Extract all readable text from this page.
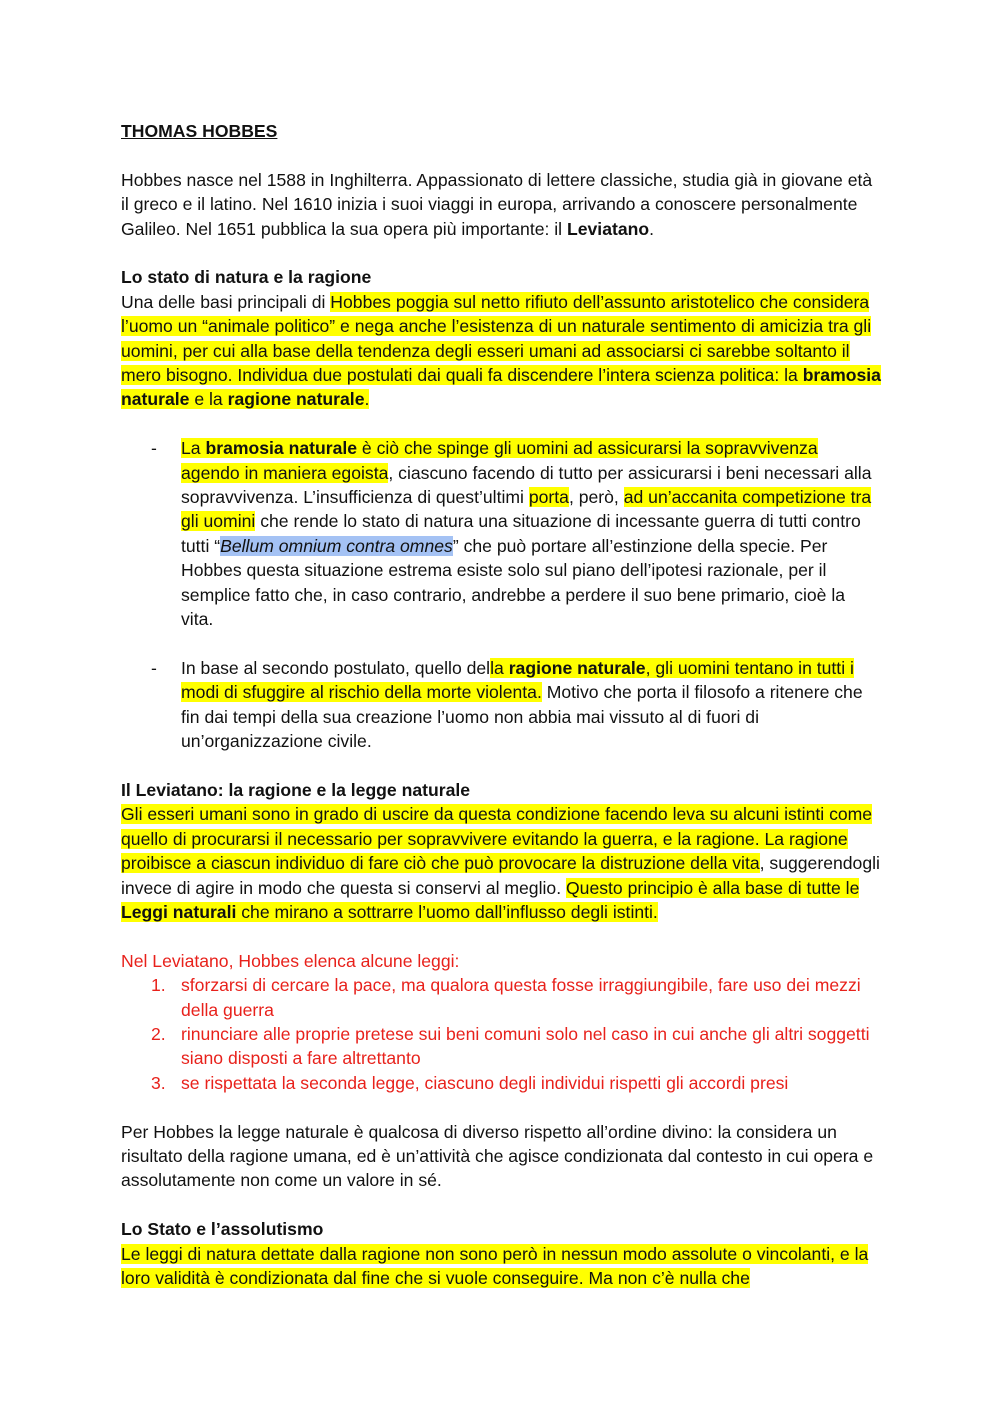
THOMAS HOBBES

Hobbes nasce nel 1588 in Inghilterra. Appassionato di lettere classiche, studia già in giovane età il greco e il latino. Nel 1610 inizia i suoi viaggi in europa, arrivando a conoscere personalmente Galileo. Nel 1651 pubblica la sua opera più importante: il Leviatano.

Lo stato di natura e la ragione

Una delle basi principali di Hobbes poggia sul netto rifiuto dell’assunto aristotelico che considera l’uomo un “animale politico” e nega anche l’esistenza di un naturale sentimento di amicizia tra gli uomini, per cui alla base della tendenza degli esseri umani ad associarsi ci sarebbe soltanto il mero bisogno. Individua due postulati dai quali fa discendere l’intera scienza politica: la bramosia naturale e la ragione naturale.

- La bramosia naturale è ciò che spinge gli uomini ad assicurarsi la sopravvivenza agendo in maniera egoista, ciascuno facendo di tutto per assicurarsi i beni necessari alla sopravvivenza. L’insufficienza di quest’ultimi porta, però, ad un’accanita competizione tra gli uomini che rende lo stato di natura una situazione di incessante guerra di tutti contro tutti “Bellum omnium contra omnes” che può portare all’estinzione della specie. Per Hobbes questa situazione estrema esiste solo sul piano dell’ipotesi razionale, per il semplice fatto che, in caso contrario, andrebbe a perdere il suo bene primario, cioè la vita.
- In base al secondo postulato, quello della ragione naturale, gli uomini tentano in tutti i modi di sfuggire al rischio della morte violenta. Motivo che porta il filosofo a ritenere che fin dai tempi della sua creazione l’uomo non abbia mai vissuto al di fuori di un’organizzazione civile.

Il Leviatano: la ragione e la legge naturale

Gli esseri umani sono in grado di uscire da questa condizione facendo leva su alcuni istinti come quello di procurarsi il necessario per sopravvivere evitando la guerra, e la ragione. La ragione proibisce a ciascun individuo di fare ciò che può provocare la distruzione della vita, suggerendogli invece di agire in modo che questa si conservi al meglio. Questo principio è alla base di tutte le Leggi naturali che mirano a sottrarre l’uomo dall’influsso degli istinti.

Nel Leviatano, Hobbes elenca alcune leggi:

1. sforzarsi di cercare la pace, ma qualora questa fosse irraggiungibile, fare uso dei mezzi della guerra
2. rinunciare alle proprie pretese sui beni comuni solo nel caso in cui anche gli altri soggetti siano disposti a fare altrettanto
3. se rispettata la seconda legge, ciascuno degli individui rispetti gli accordi presi

Per Hobbes la legge naturale è qualcosa di diverso rispetto all’ordine divino: la considera un risultato della ragione umana, ed è un’attività che agisce condizionata dal contesto in cui opera e assolutamente non come un valore in sé.

Lo Stato e l’assolutismo

Le leggi di natura dettate dalla ragione non sono però in nessun modo assolute o vincolanti, e la loro validità è condizionata dal fine che si vuole conseguire. Ma non c’è nulla che
